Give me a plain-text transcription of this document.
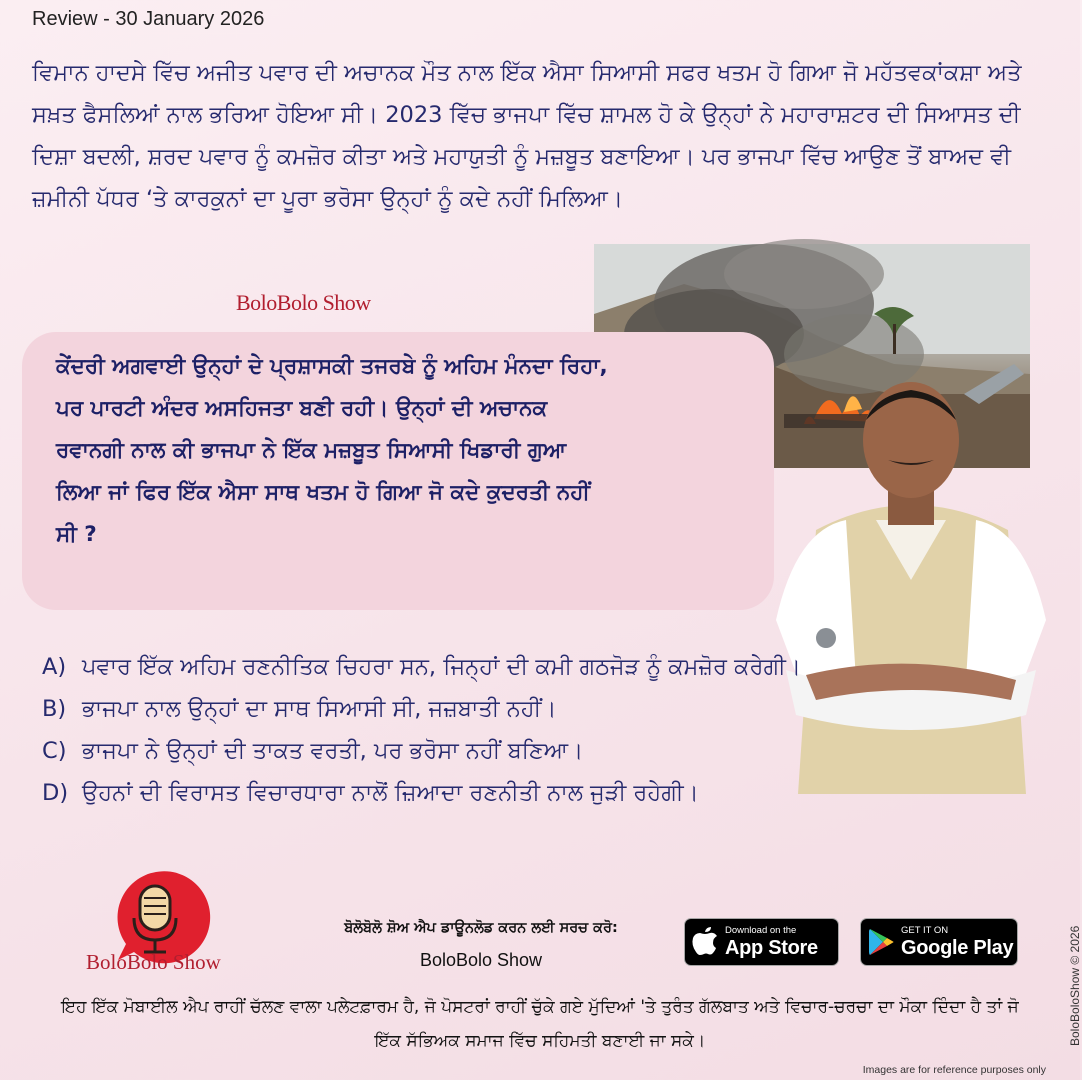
Review - 30 January 2026
ਵਿਮਾਨ ਹਾਦਸੇ ਵਿੱਚ ਅਜੀਤ ਪਵਾਰ ਦੀ ਅਚਾਨਕ ਮੌਤ ਨਾਲ ਇੱਕ ਐਸਾ ਸਿਆਸੀ ਸਫਰ ਖਤਮ ਹੋ ਗਿਆ ਜੋ ਮਹੱਤਵਕਾਂਕਸ਼ਾ ਅਤੇ ਸਖ਼ਤ ਫੈਸਲਿਆਂ ਨਾਲ ਭਰਿਆ ਹੋਇਆ ਸੀ। 2023 ਵਿੱਚ ਭਾਜਪਾ ਵਿੱਚ ਸ਼ਾਮਲ ਹੋ ਕੇ ਉਨ੍ਹਾਂ ਨੇ ਮਹਾਰਾਸ਼ਟਰ ਦੀ ਸਿਆਸਤ ਦੀ ਦਿਸ਼ਾ ਬਦਲੀ, ਸ਼ਰਦ ਪਵਾਰ ਨੂੰ ਕਮਜ਼ੋਰ ਕੀਤਾ ਅਤੇ ਮਹਾਯੁਤੀ ਨੂੰ ਮਜ਼ਬੂਤ ਬਣਾਇਆ। ਪਰ ਭਾਜਪਾ ਵਿੱਚ ਆਉਣ ਤੋਂ ਬਾਅਦ ਵੀ ਜ਼ਮੀਨੀ ਪੱਧਰ ‘ਤੇ ਕਾਰਕੁਨਾਂ ਦਾ ਪੂਰਾ ਭਰੋਸਾ ਉਨ੍ਹਾਂ ਨੂੰ ਕਦੇ ਨਹੀਂ ਮਿਲਿਆ।
BoloBolo Show
ਕੇਂਦਰੀ ਅਗਵਾਈ ਉਨ੍ਹਾਂ ਦੇ ਪ੍ਰਸ਼ਾਸਕੀ ਤਜਰਬੇ ਨੂੰ ਅਹਿਮ ਮੰਨਦਾ ਰਿਹਾ, ਪਰ ਪਾਰਟੀ ਅੰਦਰ ਅਸਹਿਜਤਾ ਬਣੀ ਰਹੀ। ਉਨ੍ਹਾਂ ਦੀ ਅਚਾਨਕ ਰਵਾਨਗੀ ਨਾਲ ਕੀ ਭਾਜਪਾ ਨੇ ਇੱਕ ਮਜ਼ਬੂਤ ਸਿਆਸੀ ਖਿਡਾਰੀ ਗੁਆ ਲਿਆ ਜਾਂ ਫਿਰ ਇੱਕ ਐਸਾ ਸਾਥ ਖਤਮ ਹੋ ਗਿਆ ਜੋ ਕਦੇ ਕੁਦਰਤੀ ਨਹੀਂ ਸੀ ?
A) ਪਵਾਰ ਇੱਕ ਅਹਿਮ ਰਣਨੀਤਿਕ ਚਿਹਰਾ ਸਨ, ਜਿਨ੍ਹਾਂ ਦੀ ਕਮੀ ਗਠਜੋੜ ਨੂੰ ਕਮਜ਼ੋਰ ਕਰੇਗੀ।
B) ਭਾਜਪਾ ਨਾਲ ਉਨ੍ਹਾਂ ਦਾ ਸਾਥ ਸਿਆਸੀ ਸੀ, ਜਜ਼ਬਾਤੀ ਨਹੀਂ।
C) ਭਾਜਪਾ ਨੇ ਉਨ੍ਹਾਂ ਦੀ ਤਾਕਤ ਵਰਤੀ, ਪਰ ਭਰੋਸਾ ਨਹੀਂ ਬਣਿਆ।
D) ਉਹਨਾਂ ਦੀ ਵਿਰਾਸਤ ਵਿਚਾਰਧਾਰਾ ਨਾਲੋਂ ਜ਼ਿਆਦਾ ਰਣਨੀਤੀ ਨਾਲ ਜੁੜੀ ਰਹੇਗੀ।
BoloBolo Show
ਬੋਲੋਬੋਲੋ ਸ਼ੋਅ ਐਪ ਡਾਊਨਲੋਡ ਕਰਨ ਲਈ ਸਰਚ ਕਰੋ:
BoloBolo Show
Download on the
App Store
GET IT ON
Google Play
ਇਹ ਇੱਕ ਮੋਬਾਈਲ ਐਪ ਰਾਹੀਂ ਚੱਲਣ ਵਾਲਾ ਪਲੇਟਫ਼ਾਰਮ ਹੈ, ਜੋ ਪੋਸਟਰਾਂ ਰਾਹੀਂ ਚੁੱਕੇ ਗਏ ਮੁੱਦਿਆਂ 'ਤੇ ਤੁਰੰਤ ਗੱਲਬਾਤ ਅਤੇ ਵਿਚਾਰ-ਚਰਚਾ ਦਾ ਮੌਕਾ ਦਿੰਦਾ ਹੈ ਤਾਂ ਜੋ ਇੱਕ ਸੱਭਿਅਕ ਸਮਾਜ ਵਿੱਚ ਸਹਿਮਤੀ ਬਣਾਈ ਜਾ ਸਕੇ।	BoloBoloShow © 2026
Images are for reference purposes only
